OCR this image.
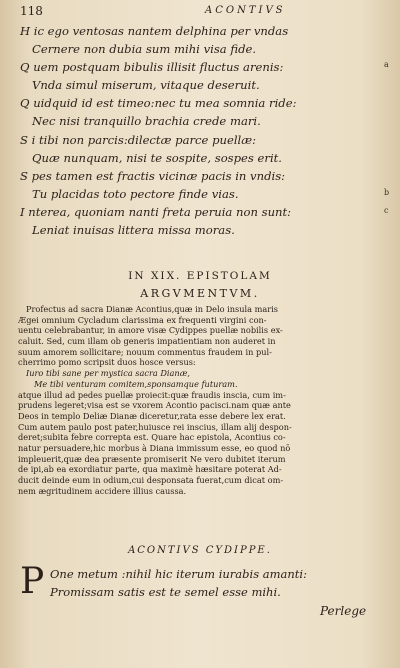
118	ACONTIVS
H ic ego ventosas nantem delphina per vndas
Cernere non dubia sum mihi visa fide.
Q uem postquam bibulis illisit fluctus arenis:
Vnda simul miserum, vitaque deseruit.
Q uidquid id est timeo:nec tu mea somnia ride:
Nec nisi tranquillo brachia crede mari.
S i tibi non parcis:dilectæ parce puellæ:
Quæ nunquam, nisi te sospite, sospes erit.
S pes tamen est fractis vicinæ pacis in vndis:
Tu placidas toto pectore finde vias.
I nterea, quoniam nanti freta peruia non sunt:
Leniat inuisas littera missa moras.
a
b
c
IN XIX. EPISTOLAM
ARGVMENTVM.
Profectus ad sacra Dianæ Acontius,quæ in Delo insula maris
Ægei omnium Cycladum clarissima ex frequenti virgini con-
uentu celebrabantur, in amore visæ Cydippes puellæ nobilis ex-
caluit. Sed, cum illam ob generis impatientiam non auderet in
suum amorem sollicitare; nouum commentus fraudem in pul-
cherrimo pomo scripsit duos hosce versus:
Iuro tibi sane per mystica sacra Dianæ,
Me tibi venturam comitem,sponsamque futuram.
atque illud ad pedes puellæ proiecit:quæ fraudis inscia, cum im-
prudens legeret;visa est se vxorem Acontio pacisci.nam quæ ante
Deos in templo Deliæ Dianæ diceretur,rata esse debere lex erat.
Cum autem paulo post pater,huiusce rei inscius, illam alij despon-
deret;subita febre correpta est. Quare hac epistola, Acontius co-
natur persuadere,hic morbus à Diana immissum esse, eo quod nō
impleuerit,quæ dea præsente promiserit Ne vero dubitet iterum
de ipi,ab ea exordiatur parte, qua maximè hæsitare poterat Ad-
ducit deinde eum in odium,cui desponsata fuerat,cum dicat om-
nem ægritudinem accidere illius caussa.
ACONTIVS CYDIPPE.
P One metum :nihil hic iterum iurabis amanti:
Promissam satis est te semel esse mihi.
Perlege
